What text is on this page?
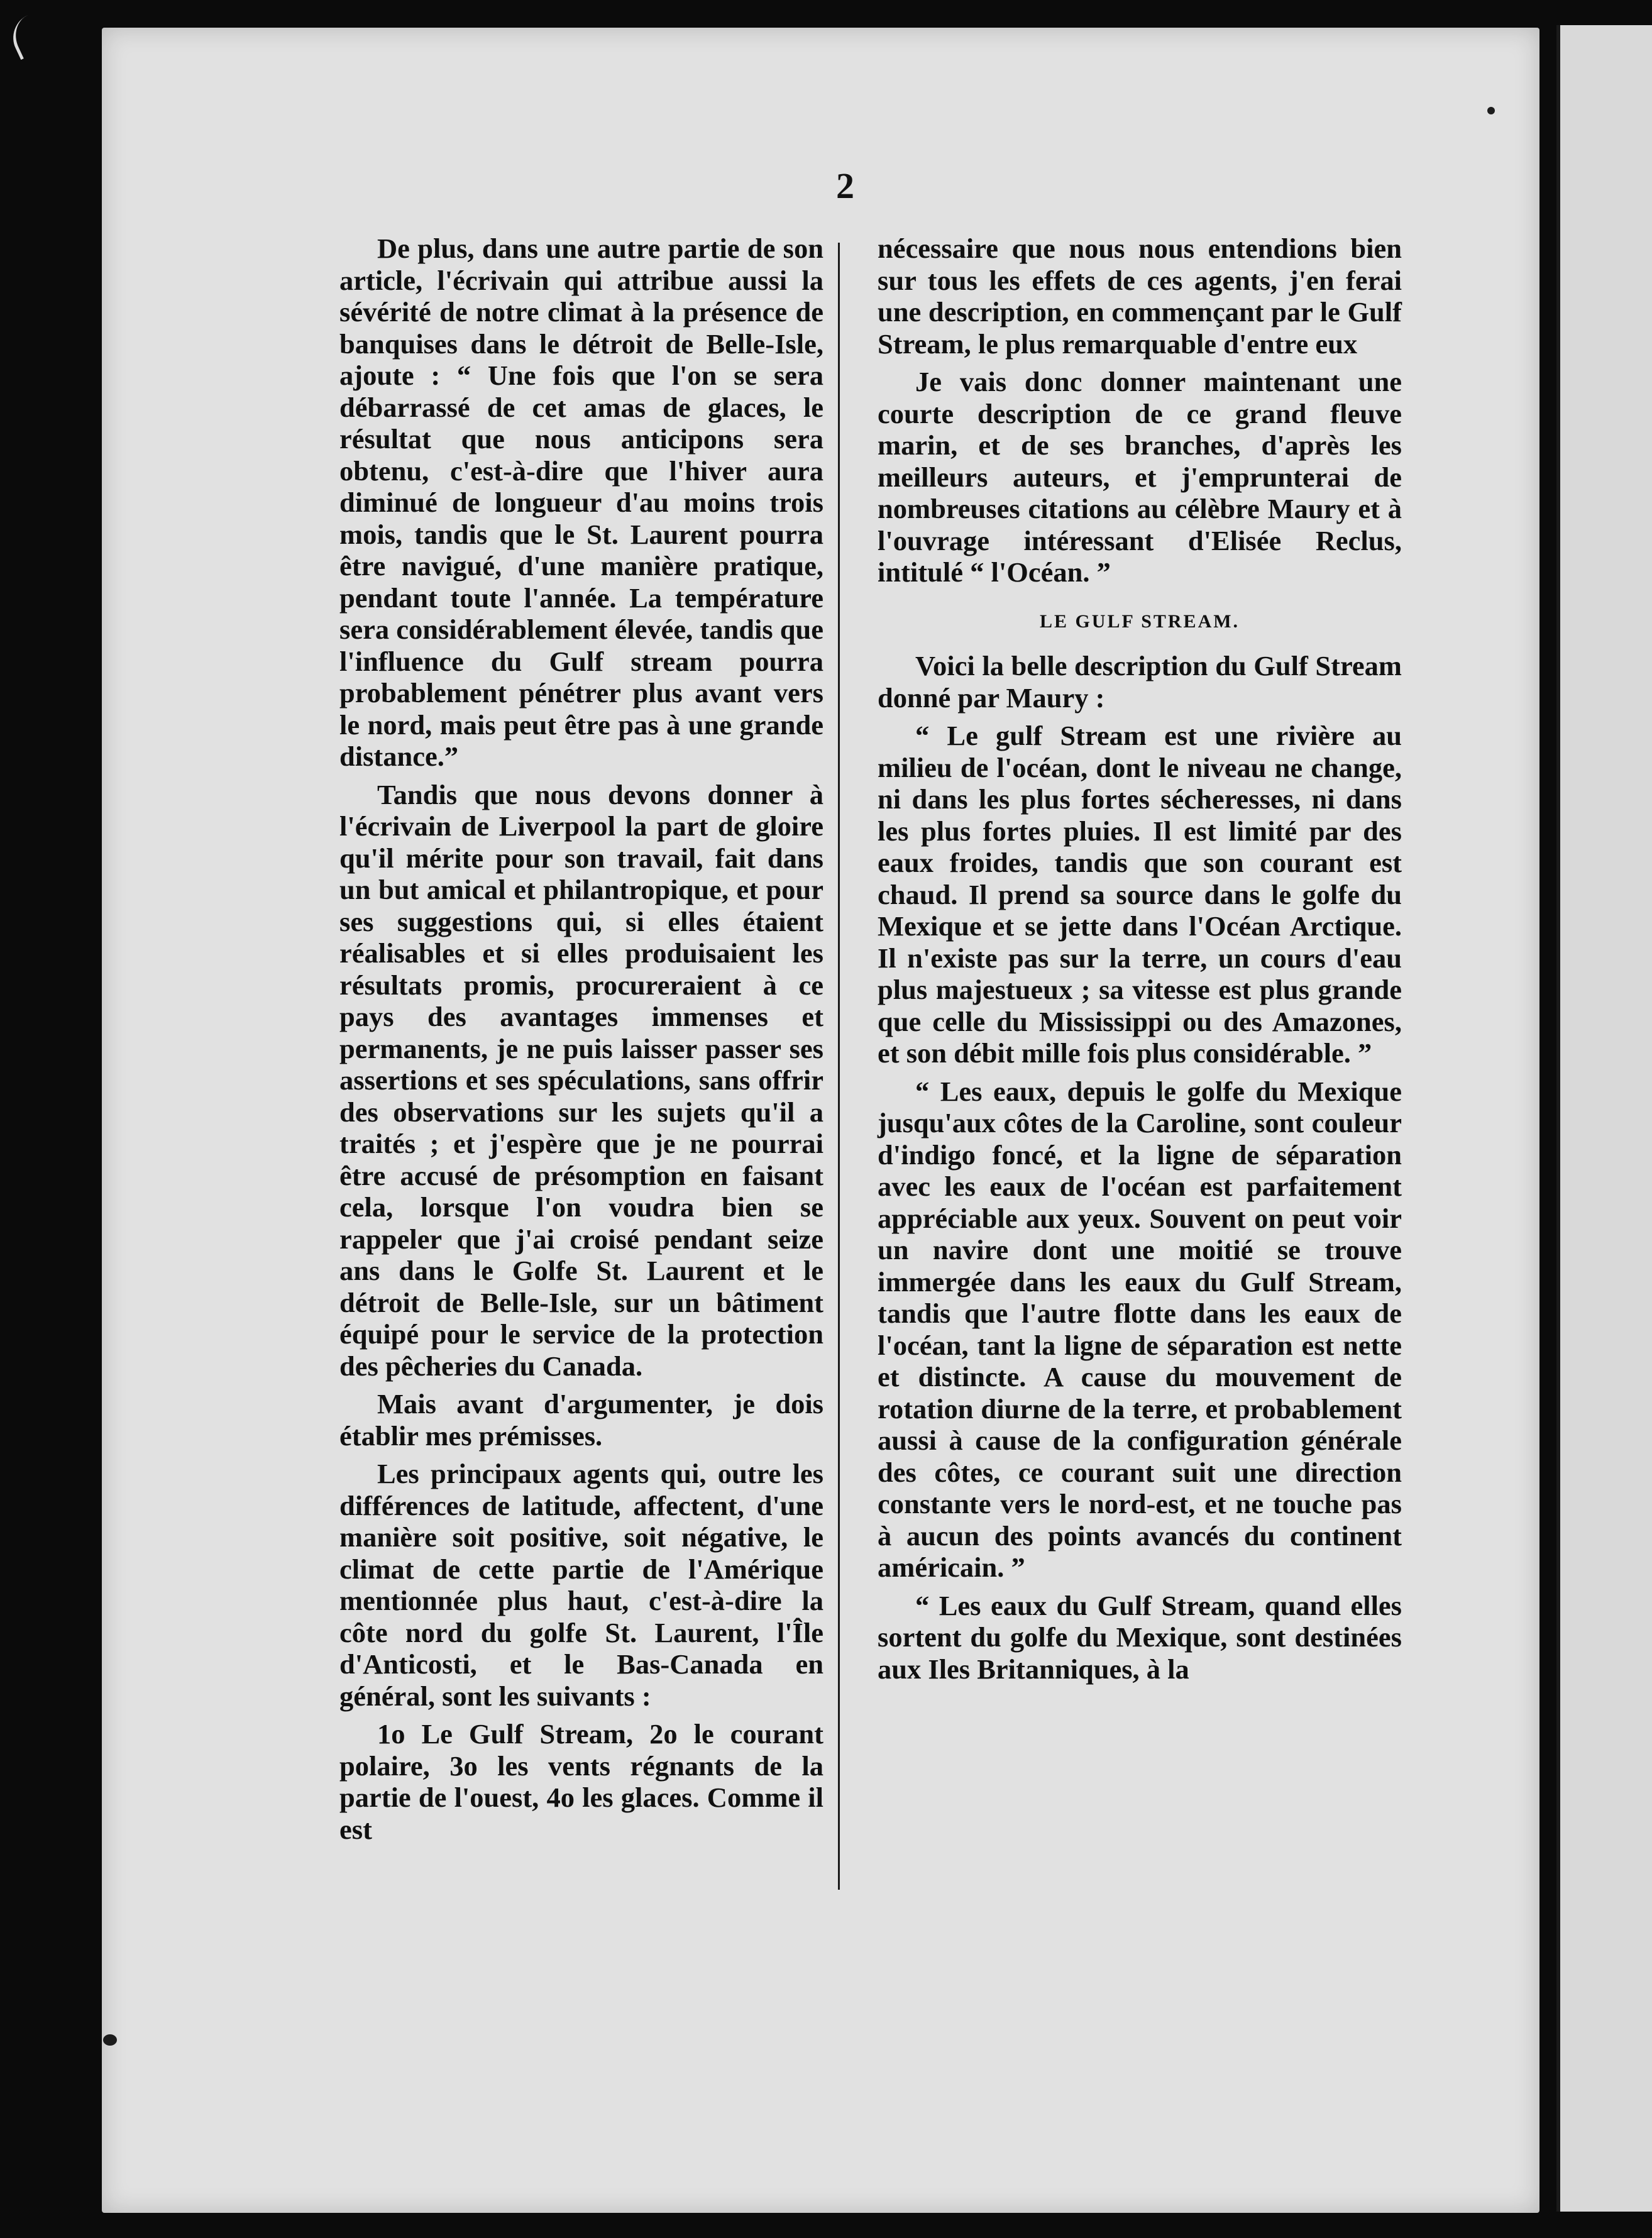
2

De plus, dans une autre partie de son article, l'écrivain qui attribue aussi la sévérité de notre climat à la présence de banquises dans le détroit de Belle-Isle, ajoute : “ Une fois que l'on se sera débarrassé de cet amas de glaces, le résultat que nous anticipons sera obtenu, c'est-à-dire que l'hiver aura diminué de longueur d'au moins trois mois, tandis que le St. Laurent pourra être navigué, d'une manière pratique, pendant toute l'année. La température sera considérablement élevée, tandis que l'influence du Gulf stream pourra probablement pénétrer plus avant vers le nord, mais peut être pas à une grande distance.”

Tandis que nous devons donner à l'écrivain de Liverpool la part de gloire qu'il mérite pour son travail, fait dans un but amical et philantropique, et pour ses suggestions qui, si elles étaient réalisables et si elles produisaient les résultats promis, procureraient à ce pays des avantages immenses et permanents, je ne puis laisser passer ses assertions et ses spéculations, sans offrir des observations sur les sujets qu'il a traités ; et j'espère que je ne pourrai être accusé de présomption en faisant cela, lorsque l'on voudra bien se rappeler que j'ai croisé pendant seize ans dans le Golfe St. Laurent et le détroit de Belle-Isle, sur un bâtiment équipé pour le service de la protection des pêcheries du Canada.

Mais avant d'argumenter, je dois établir mes prémisses.

Les principaux agents qui, outre les différences de latitude, affectent, d'une manière soit positive, soit négative, le climat de cette partie de l'Amérique mentionnée plus haut, c'est-à-dire la côte nord du golfe St. Laurent, l'Île d'Anticosti, et le Bas-Canada en général, sont les suivants :

1o Le Gulf Stream, 2o le courant polaire, 3o les vents régnants de la partie de l'ouest, 4o les glaces. Comme il est

nécessaire que nous nous entendions bien sur tous les effets de ces agents, j'en ferai une description, en commençant par le Gulf Stream, le plus remarquable d'entre eux

Je vais donc donner maintenant une courte description de ce grand fleuve marin, et de ses branches, d'après les meilleurs auteurs, et j'emprunterai de nombreuses citations au célèbre Maury et à l'ouvrage intéressant d'Elisée Reclus, intitulé “ l'Océan. ”

LE GULF STREAM.

Voici la belle description du Gulf Stream donné par Maury :

“ Le gulf Stream est une rivière au milieu de l'océan, dont le niveau ne change, ni dans les plus fortes sécheresses, ni dans les plus fortes pluies. Il est limité par des eaux froides, tandis que son courant est chaud. Il prend sa source dans le golfe du Mexique et se jette dans l'Océan Arctique. Il n'existe pas sur la terre, un cours d'eau plus majestueux ; sa vitesse est plus grande que celle du Mississippi ou des Amazones, et son débit mille fois plus considérable. ”

“ Les eaux, depuis le golfe du Mexique jusqu'aux côtes de la Caroline, sont couleur d'indigo foncé, et la ligne de séparation avec les eaux de l'océan est parfaitement appréciable aux yeux. Souvent on peut voir un navire dont une moitié se trouve immergée dans les eaux du Gulf Stream, tandis que l'autre flotte dans les eaux de l'océan, tant la ligne de séparation est nette et distincte. A cause du mouvement de rotation diurne de la terre, et probablement aussi à cause de la configuration générale des côtes, ce courant suit une direction constante vers le nord-est, et ne touche pas à aucun des points avancés du continent américain. ”

“ Les eaux du Gulf Stream, quand elles sortent du golfe du Mexique, sont destinées aux Iles Britanniques, à la
